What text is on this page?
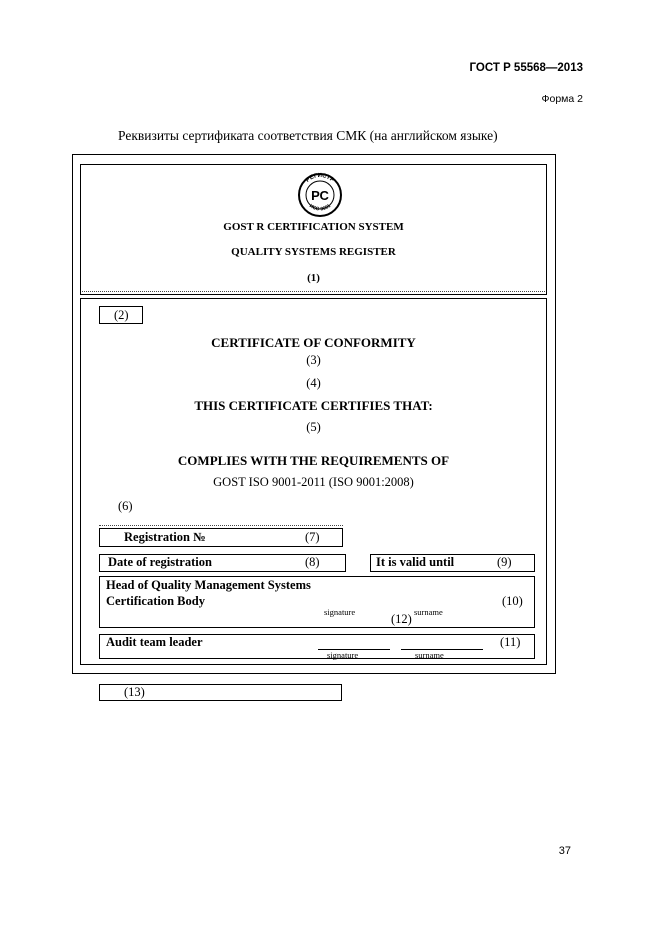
ГОСТ Р 55568—2013
Форма 2
Реквизиты сертификата соответствия СМК (на английском языке)
РЕГИСТР
ИСО 9001
РС
GOST R CERTIFICATION SYSTEM
QUALITY SYSTEMS REGISTER
(1)
(2)
CERTIFICATE OF CONFORMITY
(3)
(4)
THIS CERTIFICATE CERTIFIES THAT:
(5)
COMPLIES WITH THE REQUIREMENTS OF
GOST ISO 9001-2011 (ISO 9001:2008)
(6)
Registration №	(7)
Date of registration	(8)	It is valid until	(9)
Head of Quality Management Systems
Certification Body
signature	(12) surname
(10)
Audit team leader
signature	surname
(11)
(13)
37
